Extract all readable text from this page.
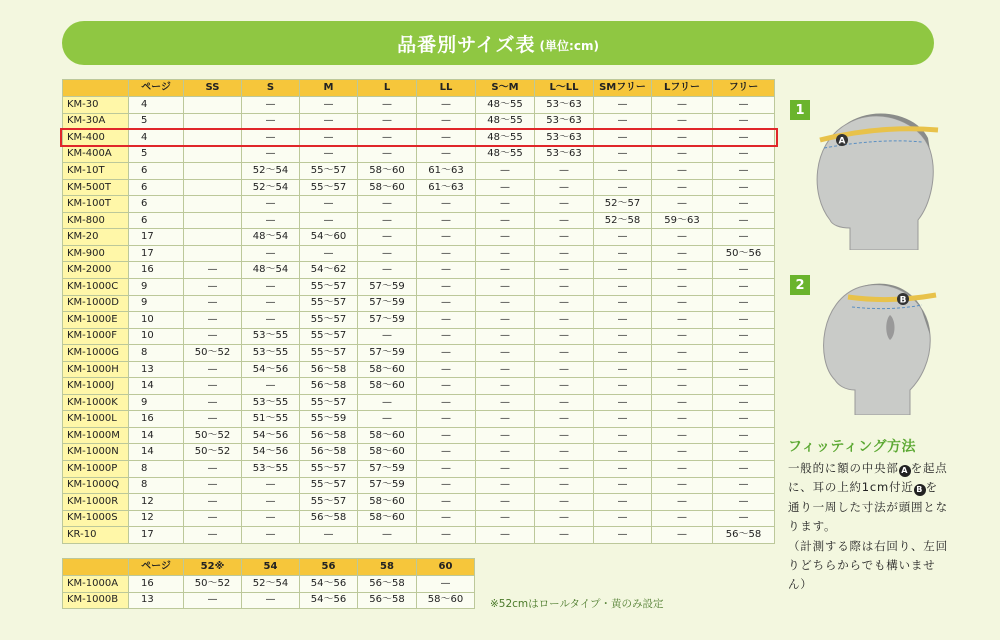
品番別サイズ表 (単位:cm)
	ページ	SS	S	M	L	LL	S～M	L～LL	SMフリー	Lフリー	フリー
KM-30	4		—	—	—	—	48～55	53～63	—	—	—
KM-30A	5		—	—	—	—	48～55	53～63	—	—	—
KM-400	4		—	—	—	—	48～55	53～63	—	—	—
KM-400A	5		—	—	—	—	48～55	53～63	—	—	—
KM-10T	6		52～54	55～57	58～60	61～63	—	—	—	—	—
KM-500T	6		52～54	55～57	58～60	61～63	—	—	—	—	—
KM-100T	6		—	—	—	—	—	—	52～57	—	—
KM-800	6		—	—	—	—	—	—	52～58	59～63	—
KM-20	17		48～54	54～60	—	—	—	—	—	—	—
KM-900	17		—	—	—	—	—	—	—	—	50～56
KM-2000	16	—	48～54	54～62	—	—	—	—	—	—	—
KM-1000C	9	—	—	55～57	57～59	—	—	—	—	—	—
KM-1000D	9	—	—	55～57	57～59	—	—	—	—	—	—
KM-1000E	10	—	—	55～57	57～59	—	—	—	—	—	—
KM-1000F	10	—	53～55	55～57	—	—	—	—	—	—	—
KM-1000G	8	50～52	53～55	55～57	57～59	—	—	—	—	—	—
KM-1000H	13	—	54～56	56～58	58～60	—	—	—	—	—	—
KM-1000J	14	—	—	56～58	58～60	—	—	—	—	—	—
KM-1000K	9	—	53～55	55～57	—	—	—	—	—	—	—
KM-1000L	16	—	51～55	55～59	—	—	—	—	—	—	—
KM-1000M	14	50～52	54～56	56～58	58～60	—	—	—	—	—	—
KM-1000N	14	50～52	54～56	56～58	58～60	—	—	—	—	—	—
KM-1000P	8	—	53～55	55～57	57～59	—	—	—	—	—	—
KM-1000Q	8	—	—	55～57	57～59	—	—	—	—	—	—
KM-1000R	12	—	—	55～57	58～60	—	—	—	—	—	—
KM-1000S	12	—	—	56～58	58～60	—	—	—	—	—	—
KR-10	17	—	—	—	—	—	—	—	—	—	56～58
	ページ	52※	54	56	58	60
KM-1000A	16	50～52	52～54	54～56	56～58	—
KM-1000B	13	—	—	54～56	56～58	58～60	※52cmはロールタイプ・黄のみ設定
1
A
2
B
フィッティング方法
一般的に額の中央部 A を起点に、耳の上約1cm付近 B を通り一周した寸法が頭囲となります。
（計測する際は右回り、左回りどちらからでも構いません）
